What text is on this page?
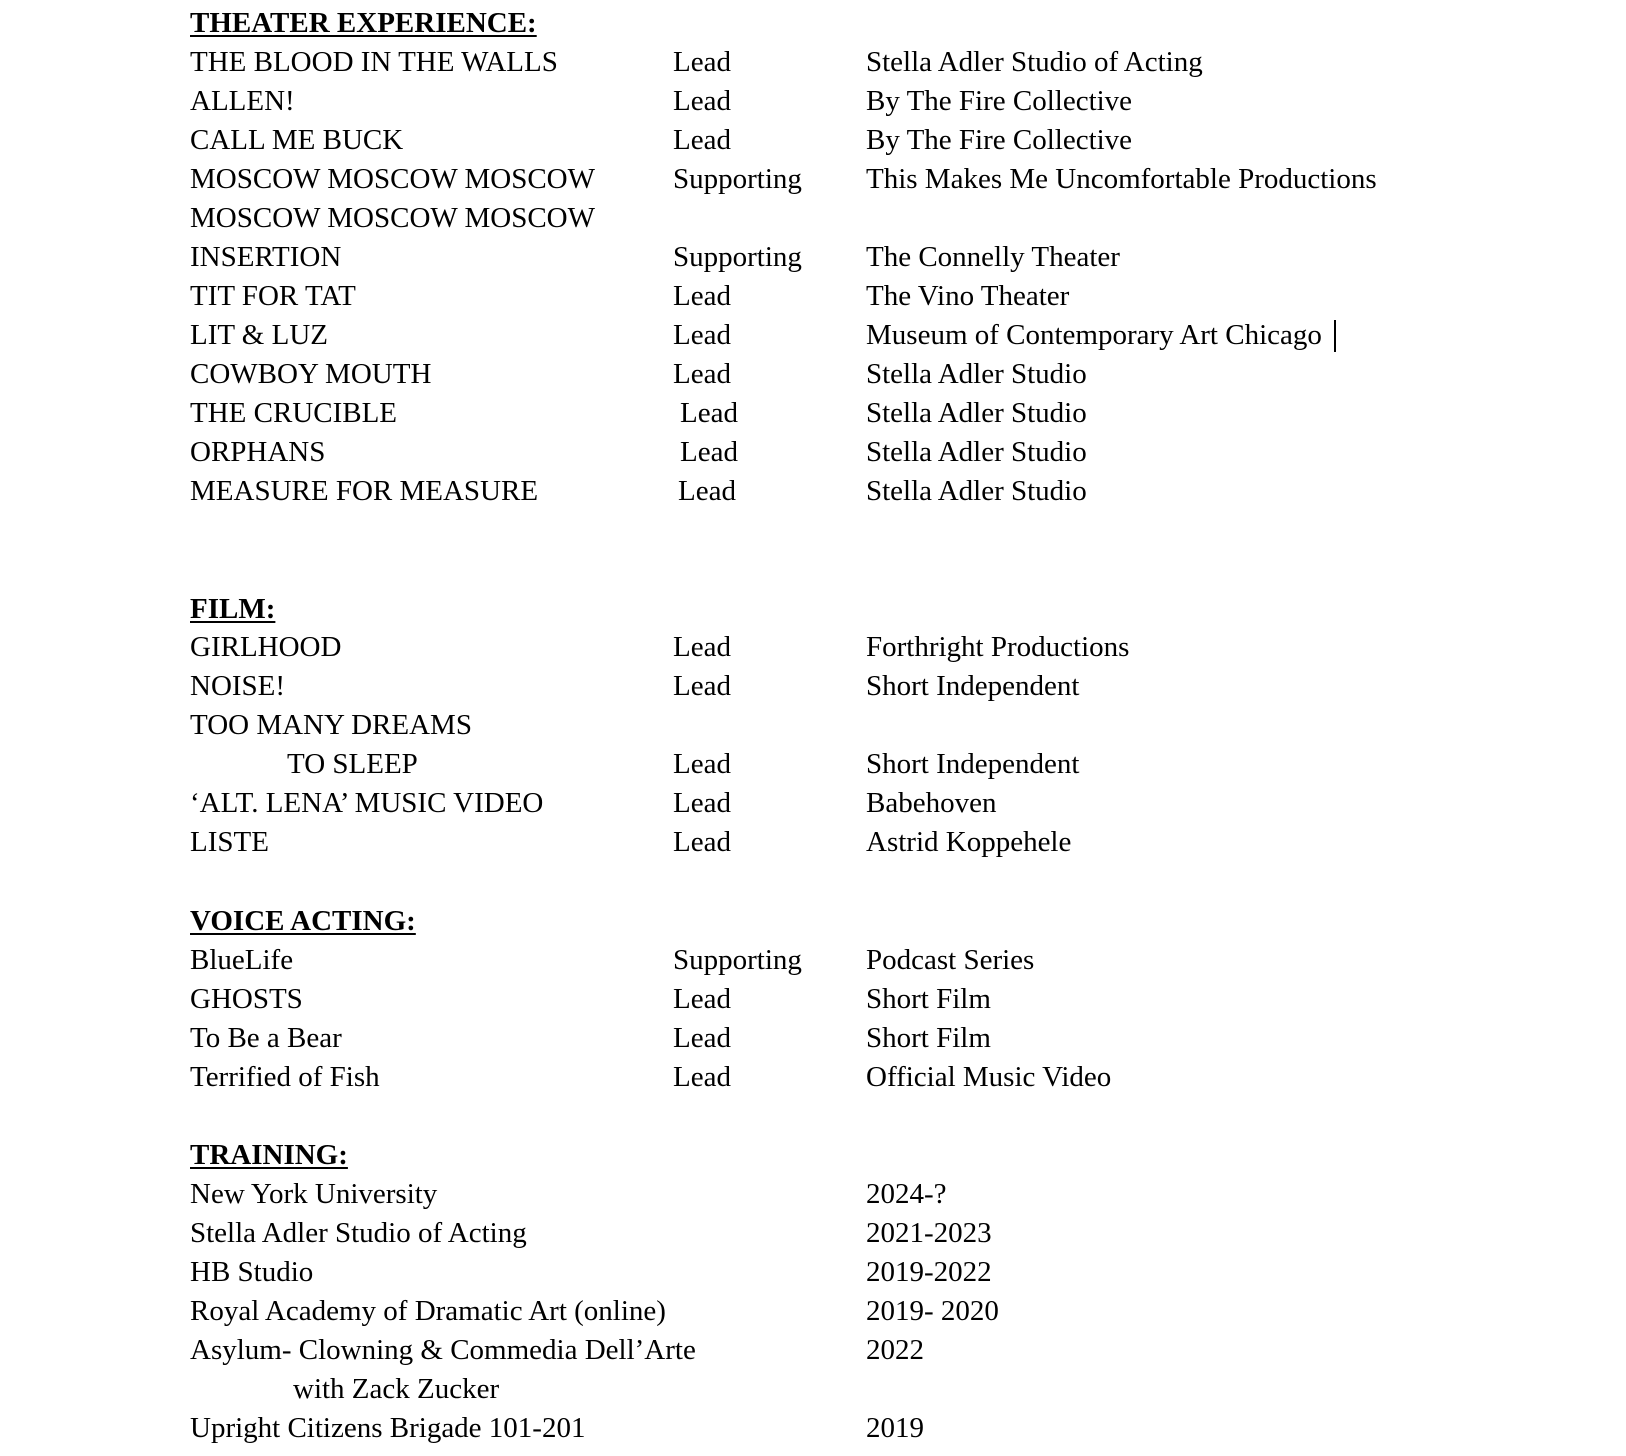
THEATER EXPERIENCE:
THE BLOOD IN THE WALLS	Lead	Stella Adler Studio of Acting
ALLEN!	Lead	By The Fire Collective
CALL ME BUCK	Lead	By The Fire Collective
MOSCOW MOSCOW MOSCOW	Supporting This Makes Me Uncomfortable Productions
MOSCOW MOSCOW MOSCOW
INSERTION	Supporting The Connelly Theater
TIT FOR TAT	Lead	The Vino Theater
LIT & LUZ	Lead	Museum of Contemporary Art Chicago
COWBOY MOUTH	Lead	Stella Adler Studio
THE CRUCIBLE	Lead	Stella Adler Studio
ORPHANS	Lead	Stella Adler Studio
MEASURE FOR MEASURE	Lead	Stella Adler Studio
FILM:
GIRLHOOD	Lead	Forthright Productions
NOISE!	Lead	Short Independent
TOO MANY DREAMS
TO SLEEP	Lead	Short Independent
‘ALT. LENA’ MUSIC VIDEO	Lead	Babehoven
LISTE	Lead	Astrid Koppehele
VOICE ACTING:
BlueLife	Supporting Podcast Series
GHOSTS	Lead	Short Film
To Be a Bear	Lead	Short Film
Terrified of Fish	Lead	Official Music Video
TRAINING:
New York University	2024-?
Stella Adler Studio of Acting	2021-2023
HB Studio	2019-2022
Royal Academy of Dramatic Art (online)	2019- 2020
Asylum- Clowning & Commedia Dell’Arte	2022
with Zack Zucker
Upright Citizens Brigade 101-201	2019
